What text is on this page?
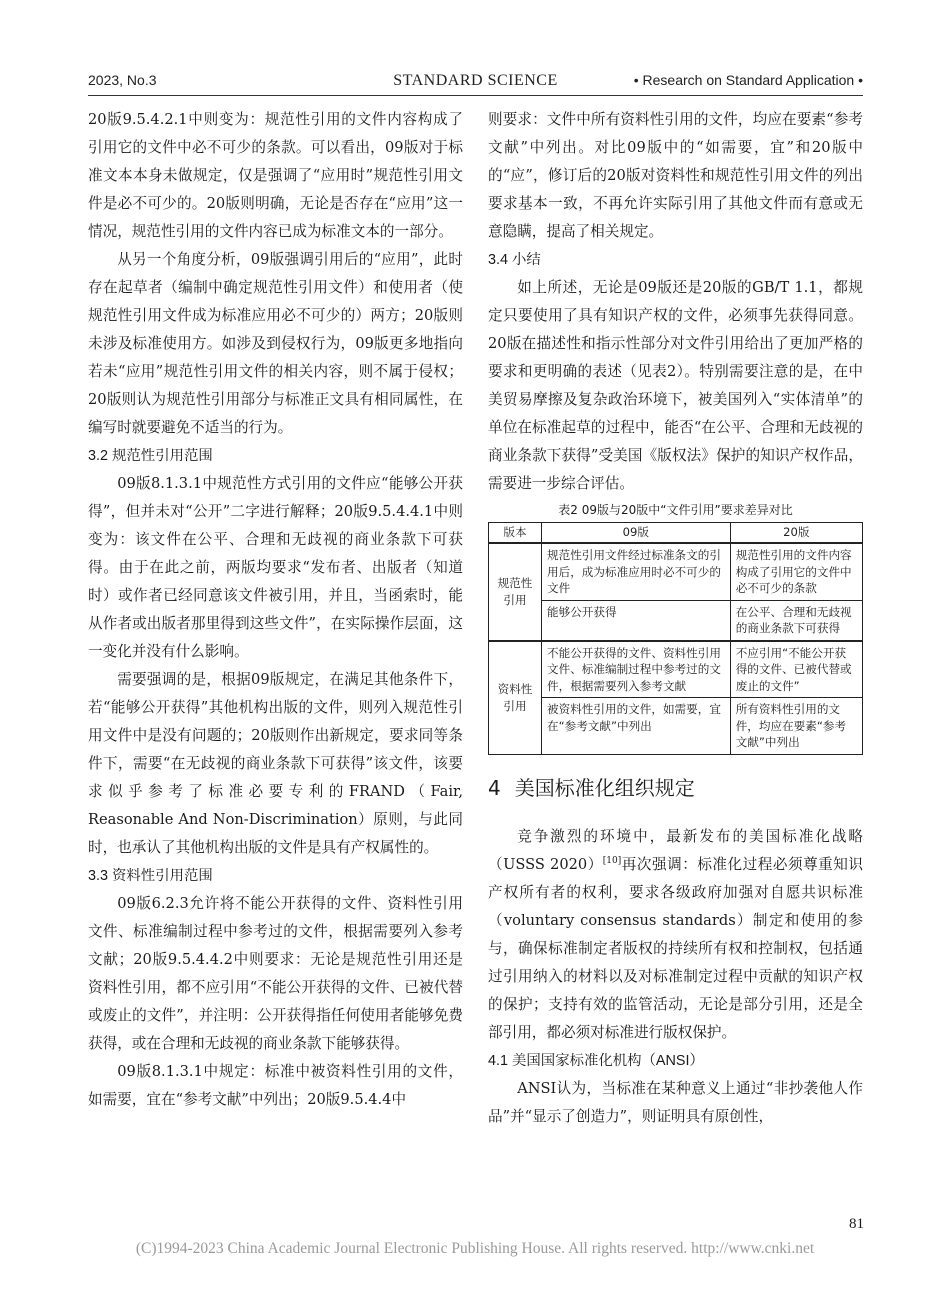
2023, No.3	STANDARD SCIENCE	• Research on Standard Application •

20版9.5.4.2.1中则变为：规范性引用的文件内容构成了引用它的文件中必不可少的条款。可以看出，09版对于标准文本本身未做规定，仅是强调了“应用时”规范性引用文件是必不可少的。20版则明确，无论是否存在“应用”这一情况，规范性引用的文件内容已成为标准文本的一部分。

从另一个角度分析，09版强调引用后的“应用”，此时存在起草者（编制中确定规范性引用文件）和使用者（使规范性引用文件成为标准应用必不可少的）两方；20版则未涉及标准使用方。如涉及到侵权行为，09版更多地指向若未“应用”规范性引用文件的相关内容，则不属于侵权；20版则认为规范性引用部分与标准正文具有相同属性，在编写时就要避免不适当的行为。

3.2 规范性引用范围

09版8.1.3.1中规范性方式引用的文件应“能够公开获得”，但并未对“公开”二字进行解释；20版9.5.4.4.1中则变为：该文件在公平、合理和无歧视的商业条款下可获得。由于在此之前，两版均要求“发布者、出版者（知道时）或作者已经同意该文件被引用，并且，当函索时，能从作者或出版者那里得到这些文件”，在实际操作层面，这一变化并没有什么影响。

需要强调的是，根据09版规定，在满足其他条件下，若“能够公开获得”其他机构出版的文件，则列入规范性引用文件中是没有问题的；20版则作出新规定，要求同等条件下，需要“在无歧视的商业条款下可获得”该文件，该要求似乎参考了标准必要专利的FRAND（Fair, Reasonable And Non-Discrimination）原则，与此同时，也承认了其他机构出版的文件是具有产权属性的。

3.3 资料性引用范围

09版6.2.3允许将不能公开获得的文件、资料性引用文件、标准编制过程中参考过的文件，根据需要列入参考文献；20版9.5.4.4.2中则要求：无论是规范性引用还是资料性引用，都不应引用“不能公开获得的文件、已被代替或废止的文件”，并注明：公开获得指任何使用者能够免费获得，或在合理和无歧视的商业条款下能够获得。

09版8.1.3.1中规定：标准中被资料性引用的文件，如需要，宜在“参考文献”中列出；20版9.5.4.4中

则要求：文件中所有资料性引用的文件，均应在要素“参考文献”中列出。对比09版中的“如需要，宜”和20版中的“应”，修订后的20版对资料性和规范性引用文件的列出要求基本一致，不再允许实际引用了其他文件而有意或无意隐瞒，提高了相关规定。

3.4 小结

如上所述，无论是09版还是20版的GB/T 1.1，都规定只要使用了具有知识产权的文件，必须事先获得同意。20版在描述性和指示性部分对文件引用给出了更加严格的要求和更明确的表述（见表2）。特别需要注意的是，在中美贸易摩擦及复杂政治环境下，被美国列入“实体清单”的单位在标准起草的过程中，能否“在公平、合理和无歧视的商业条款下获得”受美国《版权法》保护的知识产权作品，需要进一步综合评估。

表2 09版与20版中“文件引用”要求差异对比
版本	09版	20版
规范性引用	规范性引用文件经过标准条文的引用后，成为标准应用时必不可少的文件	规范性引用的文件内容构成了引用它的文件中必不可少的条款
	能够公开获得	在公平、合理和无歧视的商业条款下可获得
资料性引用	不能公开获得的文件、资料性引用文件、标准编制过程中参考过的文件，根据需要列入参考文献	不应引用“不能公开获得的文件、已被代替或废止的文件”
	被资料性引用的文件，如需要，宜在“参考文献”中列出	所有资料性引用的文件，均应在要素“参考文献”中列出
4 美国标准化组织规定

竞争激烈的环境中，最新发布的美国标准化战略（USSS 2020）[10]再次强调：标准化过程必须尊重知识产权所有者的权利，要求各级政府加强对自愿共识标准（voluntary consensus standards）制定和使用的参与，确保标准制定者版权的持续所有权和控制权，包括通过引用纳入的材料以及对标准制定过程中贡献的知识产权的保护；支持有效的监管活动，无论是部分引用，还是全部引用，都必须对标准进行版权保护。

4.1 美国国家标准化机构（ANSI）

ANSI认为，当标准在某种意义上通过“非抄袭他人作品”并“显示了创造力”，则证明具有原创性，

81
(C)1994-2023 China Academic Journal Electronic Publishing House. All rights reserved. http://www.cnki.net
